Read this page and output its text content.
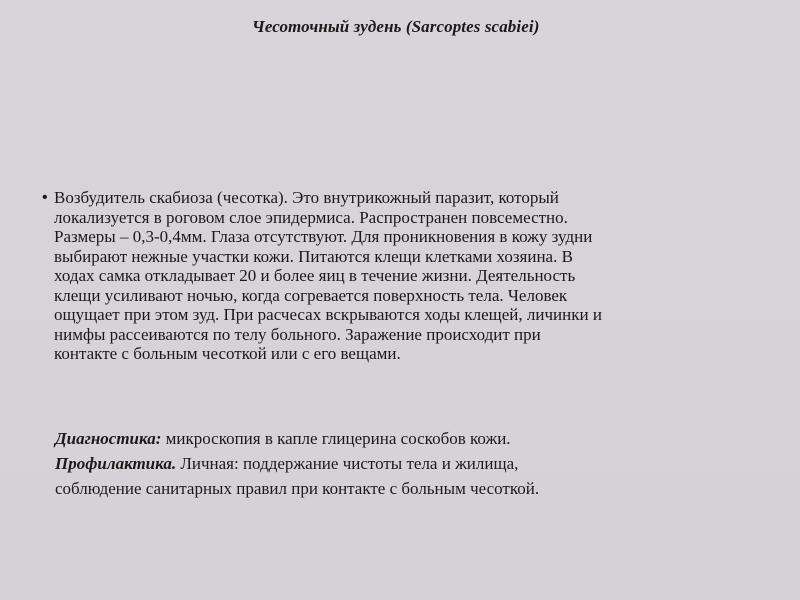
Чесоточный зудень (Sarcoptes scabiei)
• Возбудитель скабиоза (чесотка). Это внутрикожный паразит, который
локализуется в роговом слое эпидермиса. Распространен повсеместно.
Размеры – 0,3-0,4мм. Глаза отсутствуют. Для проникновения в кожу зудни
выбирают нежные участки кожи. Питаются клещи клетками хозяина. В
ходах самка откладывает 20 и более яиц в течение жизни. Деятельность
клещи усиливают ночью, когда согревается поверхность тела. Человек
ощущает при этом зуд. При расчесах вскрываются ходы клещей, личинки и
нимфы рассеиваются по телу больного. Заражение происходит при
контакте с больным чесоткой или с его вещами.
Диагностика: микроскопия в капле глицерина соскобов кожи.
Профилактика. Личная: поддержание чистоты тела и жилища,
соблюдение санитарных правил при контакте с больным чесоткой.
